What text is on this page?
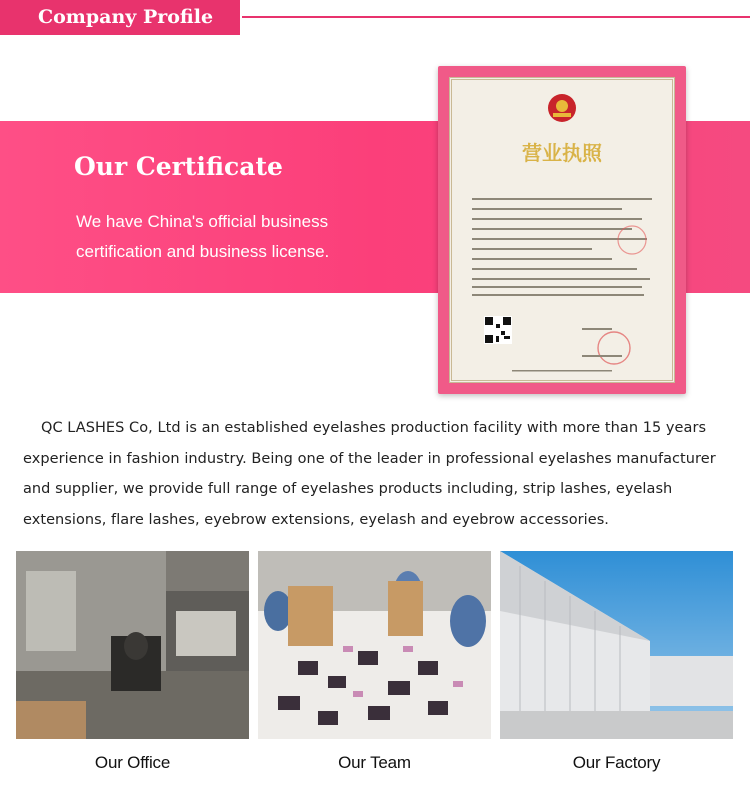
Company Profile
Our Certificate
We have China's official business certification and business license.
营业执照

QC LASHES Co, Ltd is an established eyelashes production facility with more than 15 years experience in fashion industry. Being one of the leader in professional eyelashes manufacturer and supplier, we provide full range of eyelashes products including, strip lashes, eyelash extensions, flare lashes, eyebrow extensions, eyelash and eyebrow accessories.

Our Office	Our Team	Our Factory
